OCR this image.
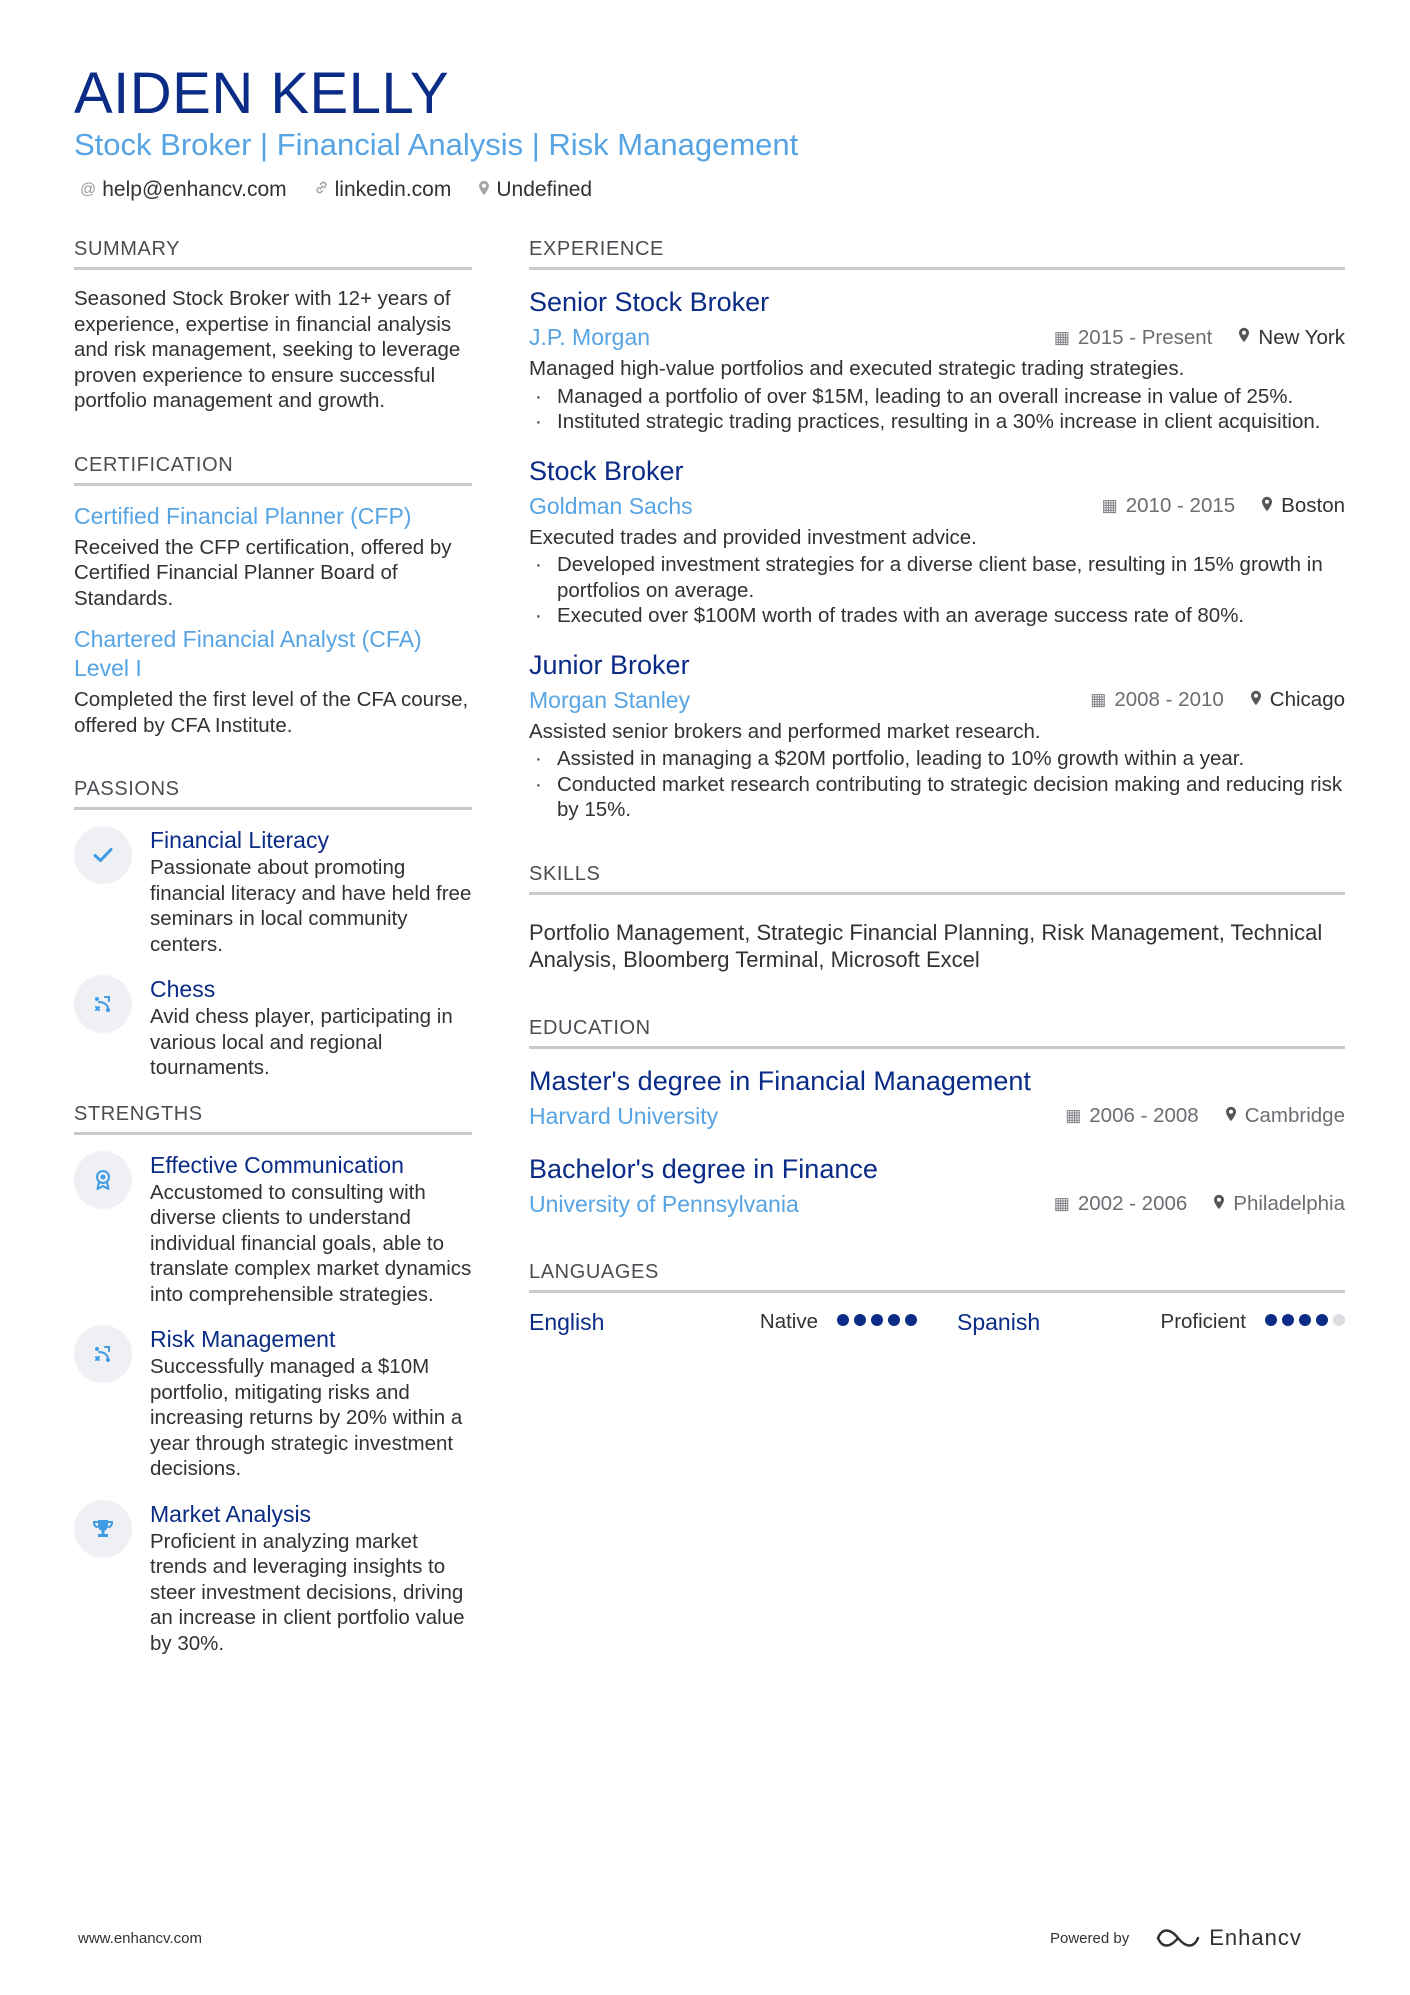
AIDEN KELLY
Stock Broker | Financial Analysis | Risk Management
@ help@enhancv.com linkedin.com Undefined
SUMMARY
Seasoned Stock Broker with 12+ years of experience, expertise in financial analysis and risk management, seeking to leverage proven experience to ensure successful portfolio management and growth.
CERTIFICATION
Certified Financial Planner (CFP)
Received the CFP certification, offered by Certified Financial Planner Board of Standards.
Chartered Financial Analyst (CFA) Level I
Completed the first level of the CFA course, offered by CFA Institute.
PASSIONS
Financial Literacy
Passionate about promoting financial literacy and have held free seminars in local community centers.
Chess
Avid chess player, participating in various local and regional tournaments.
STRENGTHS
Effective Communication
Accustomed to consulting with diverse clients to understand individual financial goals, able to translate complex market dynamics into comprehensible strategies.
Risk Management
Successfully managed a $10M portfolio, mitigating risks and increasing returns by 20% within a year through strategic investment decisions.
Market Analysis
Proficient in analyzing market trends and leveraging insights to steer investment decisions, driving an increase in client portfolio value by 30%.
EXPERIENCE
Senior Stock Broker
J.P. Morgan	▦ 2015 - Present New York
Managed high-value portfolios and executed strategic trading strategies.
· Managed a portfolio of over $15M, leading to an overall increase in value of 25%.
· Instituted strategic trading practices, resulting in a 30% increase in client acquisition.
Stock Broker
Goldman Sachs	▦ 2010 - 2015 Boston
Executed trades and provided investment advice.
· Developed investment strategies for a diverse client base, resulting in 15% growth in portfolios on average.
· Executed over $100M worth of trades with an average success rate of 80%.
Junior Broker
Morgan Stanley	▦ 2008 - 2010 Chicago
Assisted senior brokers and performed market research.
· Assisted in managing a $20M portfolio, leading to 10% growth within a year.
· Conducted market research contributing to strategic decision making and reducing risk by 15%.
SKILLS
Portfolio Management, Strategic Financial Planning, Risk Management, Technical Analysis, Bloomberg Terminal, Microsoft Excel
EDUCATION
Master's degree in Financial Management
Harvard University	▦ 2006 - 2008 Cambridge
Bachelor's degree in Finance
University of Pennsylvania	▦ 2002 - 2006 Philadelphia
LANGUAGES
English	Native	Spanish	Proficient
www.enhancv.com	Powered by	Enhancv
